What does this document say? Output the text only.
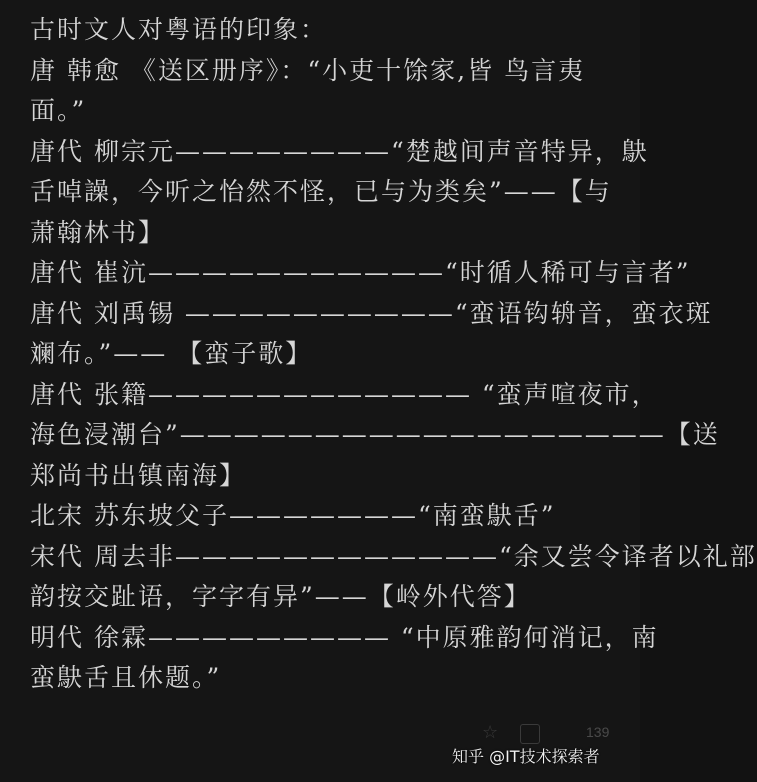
古时文人对粤语的印象：
唐 韩愈 《送区册序》：“小吏十馀家,皆 鸟言夷
面。”
唐代 柳宗元————————“楚越间声音特异，鴃
舌啅譟，今听之怡然不怪，已与为类矣”——【与
萧翰林书】
唐代 崔沆———————————“时循人稀可与言者”
唐代 刘禹锡 ——————————“蛮语钩辀音，蛮衣斑
斓布。”—— 【蛮子歌】
唐代 张籍———————————— “蛮声喧夜市，
海色浸潮台”——————————————————【送
郑尚书出镇南海】
北宋 苏东坡父子———————“南蛮鴃舌”
宋代 周去非————————————“余又尝令译者以礼部
韵按交趾语，字字有异”——【岭外代答】
明代 徐霖————————— “中原雅韵何消记，南
蛮鴃舌且休题。”
☆	139
知乎 @IT技术探索者
